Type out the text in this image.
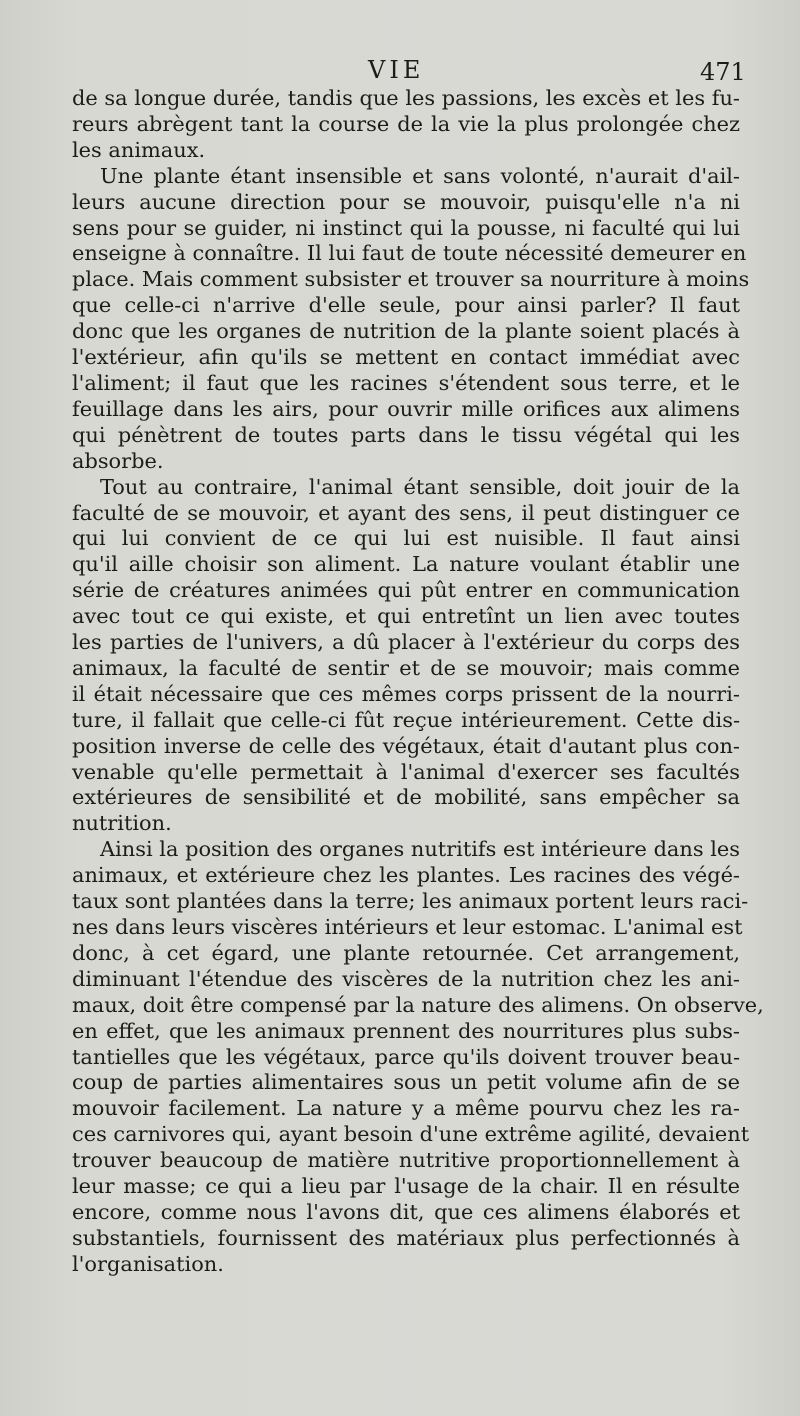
VIE	471
de sa longue durée, tandis que les passions, les excès et les fu-
reurs abrègent tant la course de la vie la plus prolongée chez
les animaux.
Une plante étant insensible et sans volonté, n'aurait d'ail-
leurs aucune direction pour se mouvoir, puisqu'elle n'a ni
sens pour se guider, ni instinct qui la pousse, ni faculté qui lui
enseigne à connaître. Il lui faut de toute nécessité demeurer en
place. Mais comment subsister et trouver sa nourriture à moins
que celle-ci n'arrive d'elle seule, pour ainsi parler? Il faut
donc que les organes de nutrition de la plante soient placés à
l'extérieur, afin qu'ils se mettent en contact immédiat avec
l'aliment; il faut que les racines s'étendent sous terre, et le
feuillage dans les airs, pour ouvrir mille orifices aux alimens
qui pénètrent de toutes parts dans le tissu végétal qui les
absorbe.
Tout au contraire, l'animal étant sensible, doit jouir de la
faculté de se mouvoir, et ayant des sens, il peut distinguer ce
qui lui convient de ce qui lui est nuisible. Il faut ainsi
qu'il aille choisir son aliment. La nature voulant établir une
série de créatures animées qui pût entrer en communication
avec tout ce qui existe, et qui entretînt un lien avec toutes
les parties de l'univers, a dû placer à l'extérieur du corps des
animaux, la faculté de sentir et de se mouvoir; mais comme
il était nécessaire que ces mêmes corps prissent de la nourri-
ture, il fallait que celle-ci fût reçue intérieurement. Cette dis-
position inverse de celle des végétaux, était d'autant plus con-
venable qu'elle permettait à l'animal d'exercer ses facultés
extérieures de sensibilité et de mobilité, sans empêcher sa
nutrition.
Ainsi la position des organes nutritifs est intérieure dans les
animaux, et extérieure chez les plantes. Les racines des végé-
taux sont plantées dans la terre; les animaux portent leurs raci-
nes dans leurs viscères intérieurs et leur estomac. L'animal est
donc, à cet égard, une plante retournée. Cet arrangement,
diminuant l'étendue des viscères de la nutrition chez les ani-
maux, doit être compensé par la nature des alimens. On observe,
en effet, que les animaux prennent des nourritures plus subs-
tantielles que les végétaux, parce qu'ils doivent trouver beau-
coup de parties alimentaires sous un petit volume afin de se
mouvoir facilement. La nature y a même pourvu chez les ra-
ces carnivores qui, ayant besoin d'une extrême agilité, devaient
trouver beaucoup de matière nutritive proportionnellement à
leur masse; ce qui a lieu par l'usage de la chair. Il en résulte
encore, comme nous l'avons dit, que ces alimens élaborés et
substantiels, fournissent des matériaux plus perfectionnés à
l'organisation.
